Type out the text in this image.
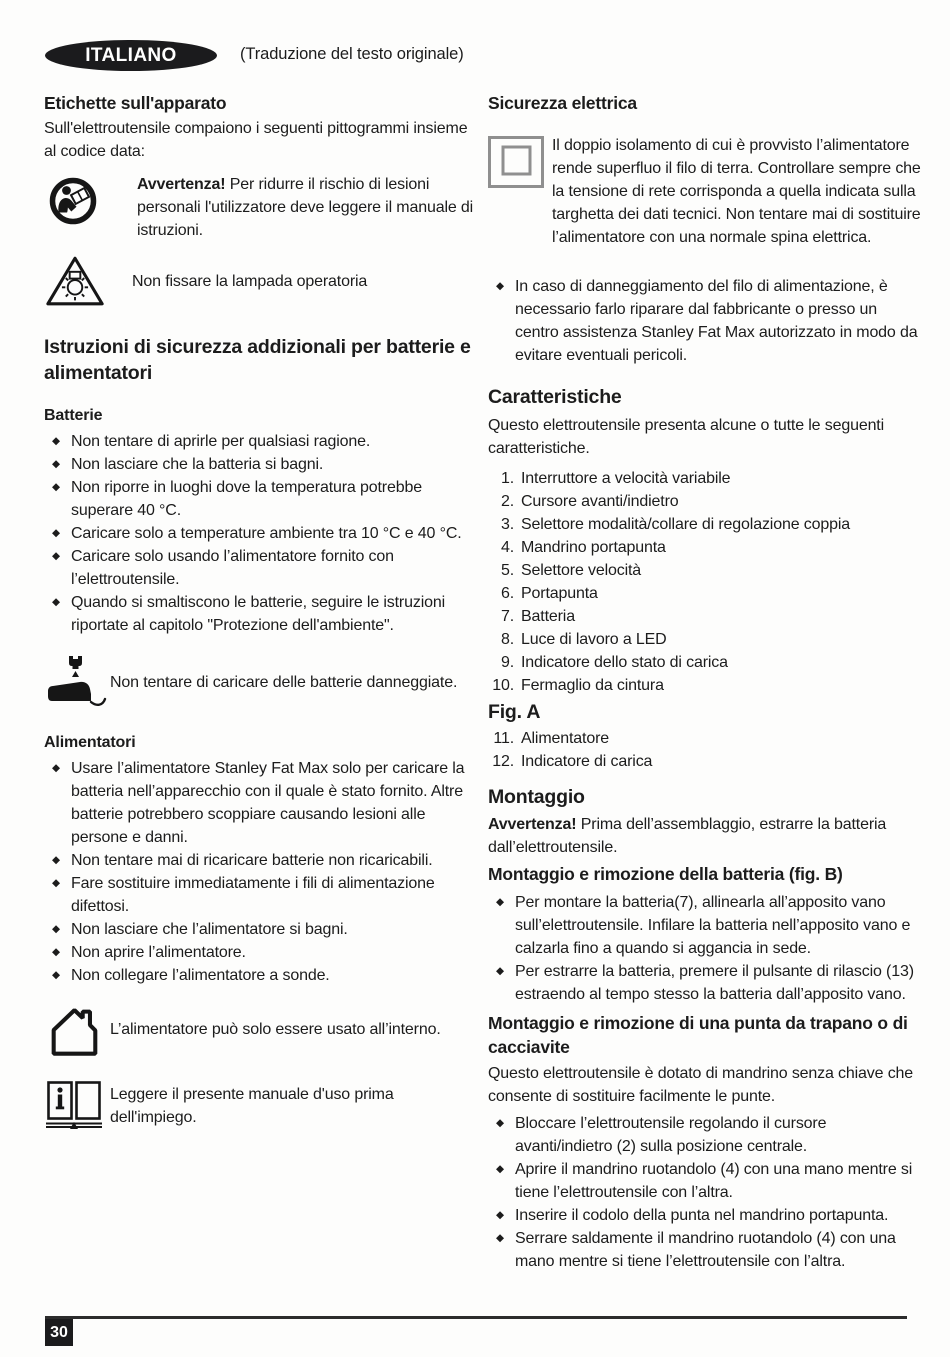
ITALIANO	(Traduzione del testo originale)
Etichette sull'apparato

Sull'elettroutensile compaiono i seguenti pittogrammi insieme al codice data:

Avvertenza! Per ridurre il rischio di lesioni personali l'utilizzatore deve leggere il manuale di istruzioni.
Non fissare la lampada operatoria
Istruzioni di sicurezza addizionali per batterie e alimentatori
Batterie
◆ Non tentare di aprirle per qualsiasi ragione.
◆ Non lasciare che la batteria si bagni.
◆ Non riporre in luoghi dove la temperatura potrebbe superare 40 °C.
◆ Caricare solo a temperature ambiente tra 10 °C e 40 °C.
◆ Caricare solo usando l’alimentatore fornito con l’elettroutensile.
◆ Quando si smaltiscono le batterie, seguire le istruzioni riportate al capitolo "Protezione dell'ambiente".
Non tentare di caricare delle batterie danneggiate.
Alimentatori
◆ Usare l’alimentatore Stanley Fat Max solo per caricare la batteria nell’apparecchio con il quale è stato fornito. Altre batterie potrebbero scoppiare causando lesioni alle persone e danni.
◆ Non tentare mai di ricaricare batterie non ricaricabili.
◆ Fare sostituire immediatamente i fili di alimentazione difettosi.
◆ Non lasciare che l’alimentatore si bagni.
◆ Non aprire l’alimentatore.
◆ Non collegare l’alimentatore a sonde.
L’alimentatore può solo essere usato all’interno.
Leggere il presente manuale d'uso prima dell'impiego.
Sicurezza elettrica
Il doppio isolamento di cui è provvisto l’alimentatore rende superfluo il filo di terra. Controllare sempre che la tensione di rete corrisponda a quella indicata sulla targhetta dei dati tecnici. Non tentare mai di sostituire l’alimentatore con una normale spina elettrica.
◆ In caso di danneggiamento del filo di alimentazione, è necessario farlo riparare dal fabbricante o presso un centro assistenza Stanley Fat Max autorizzato in modo da evitare eventuali pericoli.
Caratteristiche

Questo elettroutensile presenta alcune o tutte le seguenti caratteristiche.

1. Interruttore a velocità variabile
2. Cursore avanti/indietro
3. Selettore modalità/collare di regolazione coppia
4. Mandrino portapunta
5. Selettore velocità
6. Portapunta
7. Batteria
8. Luce di lavoro a LED
9. Indicatore dello stato di carica
10. Fermaglio da cintura
Fig. A
11. Alimentatore
12. Indicatore di carica
Montaggio

Avvertenza! Prima dell’assemblaggio, estrarre la batteria dall’elettroutensile.

Montaggio e rimozione della batteria (fig. B)
◆ Per montare la batteria(7), allinearla all’apposito vano sull’elettroutensile. Infilare la batteria nell’apposito vano e calzarla fino a quando si aggancia in sede.
◆ Per estrarre la batteria, premere il pulsante di rilascio (13) estraendo al tempo stesso la batteria dall’apposito vano.
Montaggio e rimozione di una punta da trapano o di cacciavite

Questo elettroutensile è dotato di mandrino senza chiave che consente di sostituire facilmente le punte.

◆ Bloccare l’elettroutensile regolando il cursore avanti/indietro (2) sulla posizione centrale.
◆ Aprire il mandrino ruotandolo (4) con una mano mentre si tiene l’elettroutensile con l’altra.
◆ Inserire il codolo della punta nel mandrino portapunta.
◆ Serrare saldamente il mandrino ruotandolo (4) con una mano mentre si tiene l’elettroutensile con l’altra.
30
